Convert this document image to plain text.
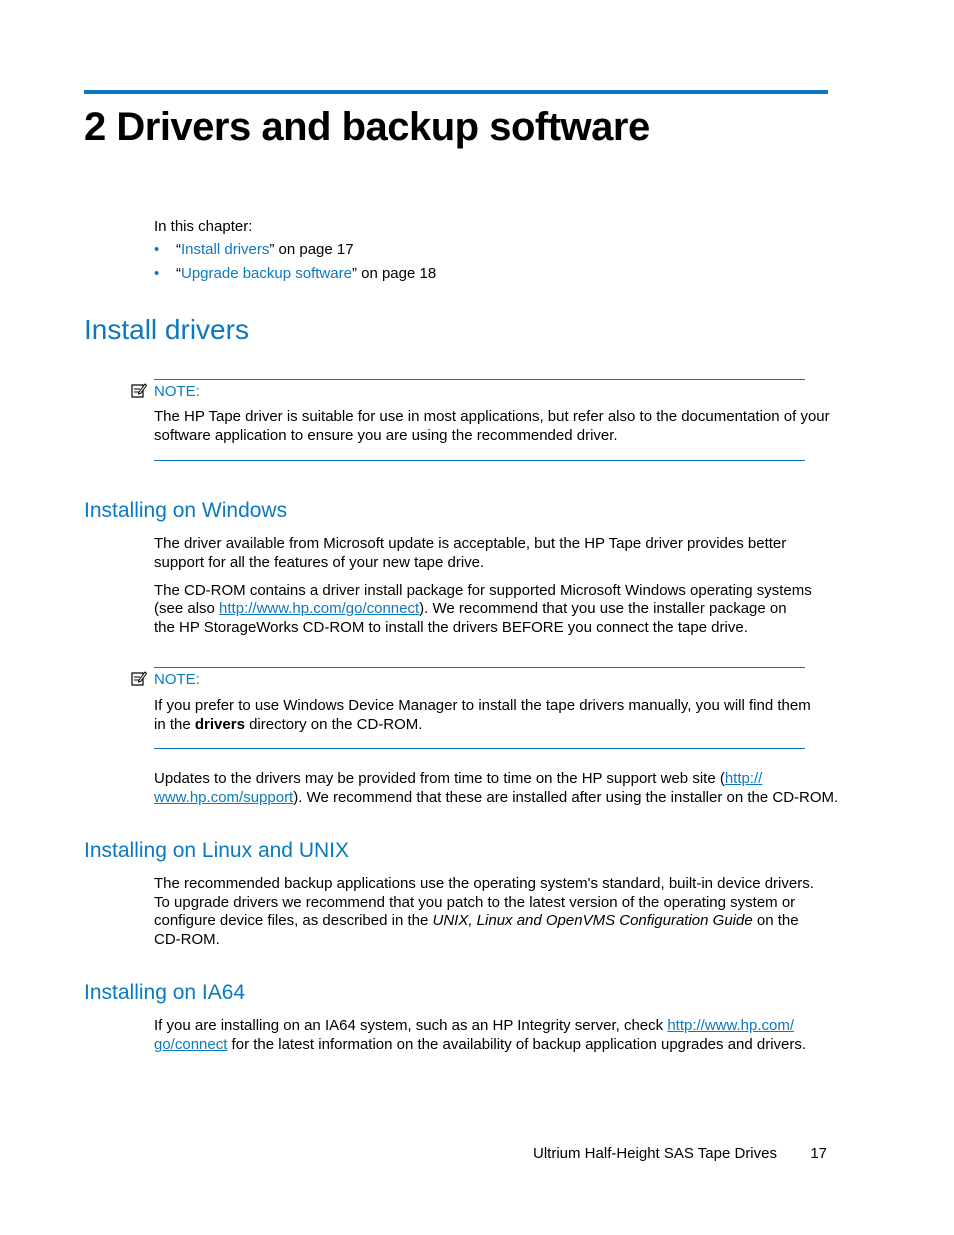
2 Drivers and backup software
In this chapter:
• “Install drivers” on page 17
• “Upgrade backup software” on page 18
Install drivers
NOTE:
The HP Tape driver is suitable for use in most applications, but refer also to the documentation of your
software application to ensure you are using the recommended driver.
Installing on Windows
The driver available from Microsoft update is acceptable, but the HP Tape driver provides better
support for all the features of your new tape drive.
The CD-ROM contains a driver install package for supported Microsoft Windows operating systems
(see also http://www.hp.com/go/connect). We recommend that you use the installer package on
the HP StorageWorks CD-ROM to install the drivers BEFORE you connect the tape drive.
NOTE:
If you prefer to use Windows Device Manager to install the tape drivers manually, you will find them
in the drivers directory on the CD-ROM.
Updates to the drivers may be provided from time to time on the HP support web site (http://
www.hp.com/support). We recommend that these are installed after using the installer on the CD-ROM.
Installing on Linux and UNIX
The recommended backup applications use the operating system's standard, built-in device drivers.
To upgrade drivers we recommend that you patch to the latest version of the operating system or
configure device files, as described in the UNIX, Linux and OpenVMS Configuration Guide on the
CD-ROM.
Installing on IA64
If you are installing on an IA64 system, such as an HP Integrity server, check http://www.hp.com/
go/connect for the latest information on the availability of backup application upgrades and drivers.
Ultrium Half-Height SAS Tape Drives 17
